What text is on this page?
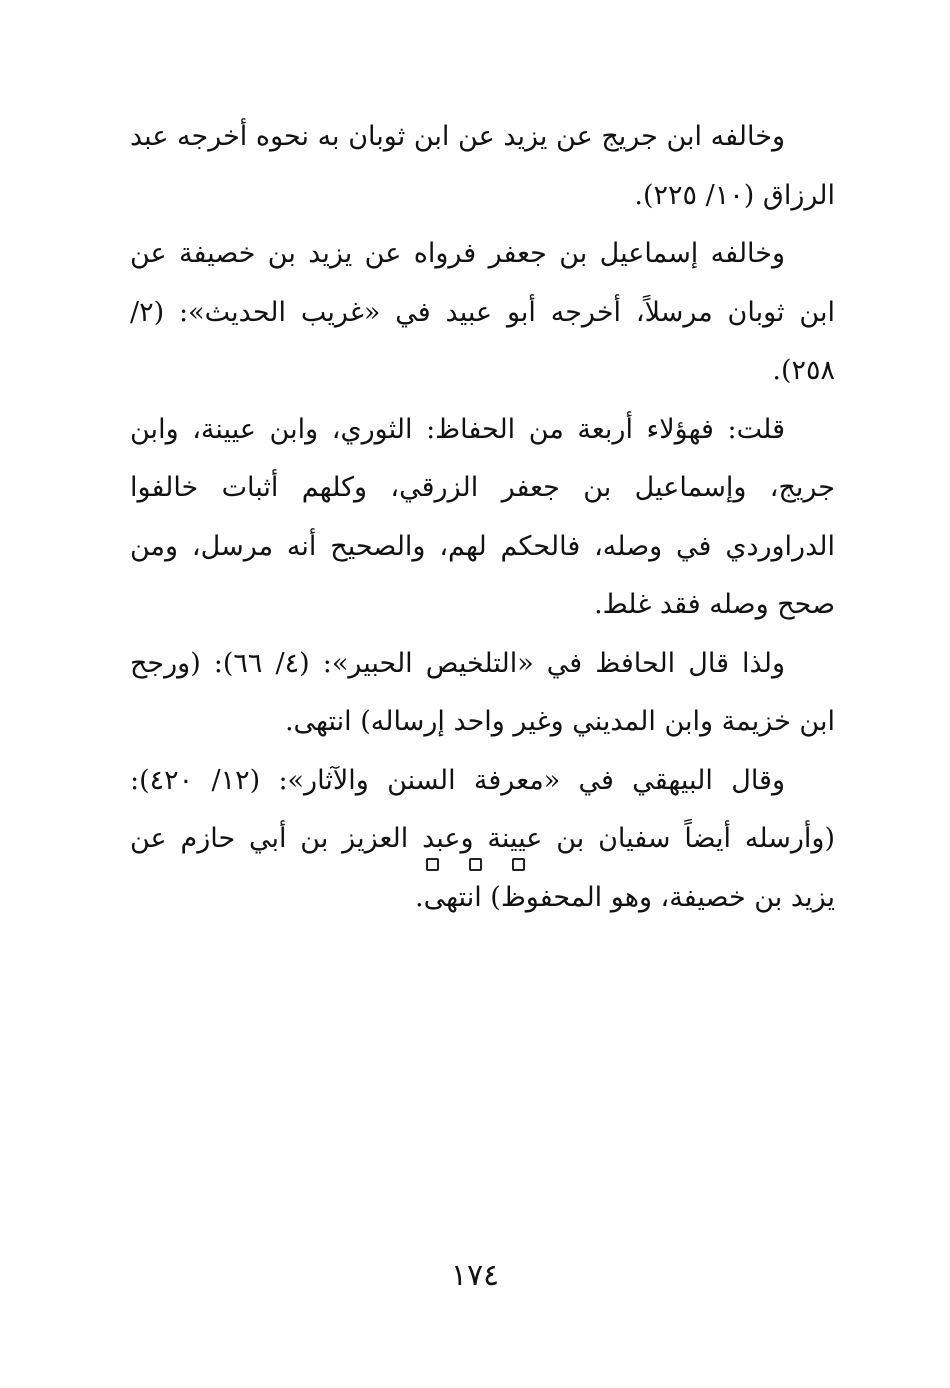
وخالفه ابن جريج عن يزيد عن ابن ثوبان به نحوه أخرجه عبد الرزاق (١٠/ ٢٢٥).

وخالفه إسماعيل بن جعفر فرواه عن يزيد بن خصيفة عن ابن ثوبان مرسلاً، أخرجه أبو عبيد في «غريب الحديث»: (٢/ ٢٥٨).

قلت: فهؤلاء أربعة من الحفاظ: الثوري، وابن عيينة، وابن جريج، وإسماعيل بن جعفر الزرقي، وكلهم أثبات خالفوا الدراوردي في وصله، فالحكم لهم، والصحيح أنه مرسل، ومن صحح وصله فقد غلط.

ولذا قال الحافظ في «التلخيص الحبير»: (٤/ ٦٦): (ورجح ابن خزيمة وابن المديني وغير واحد إرساله) انتهى.

وقال البيهقي في «معرفة السنن والآثار»: (١٢/ ٤٢٠): (وأرسله أيضاً سفيان بن عيينة وعبد العزيز بن أبي حازم عن يزيد بن خصيفة، وهو المحفوظ) انتهى.

١٧٤
